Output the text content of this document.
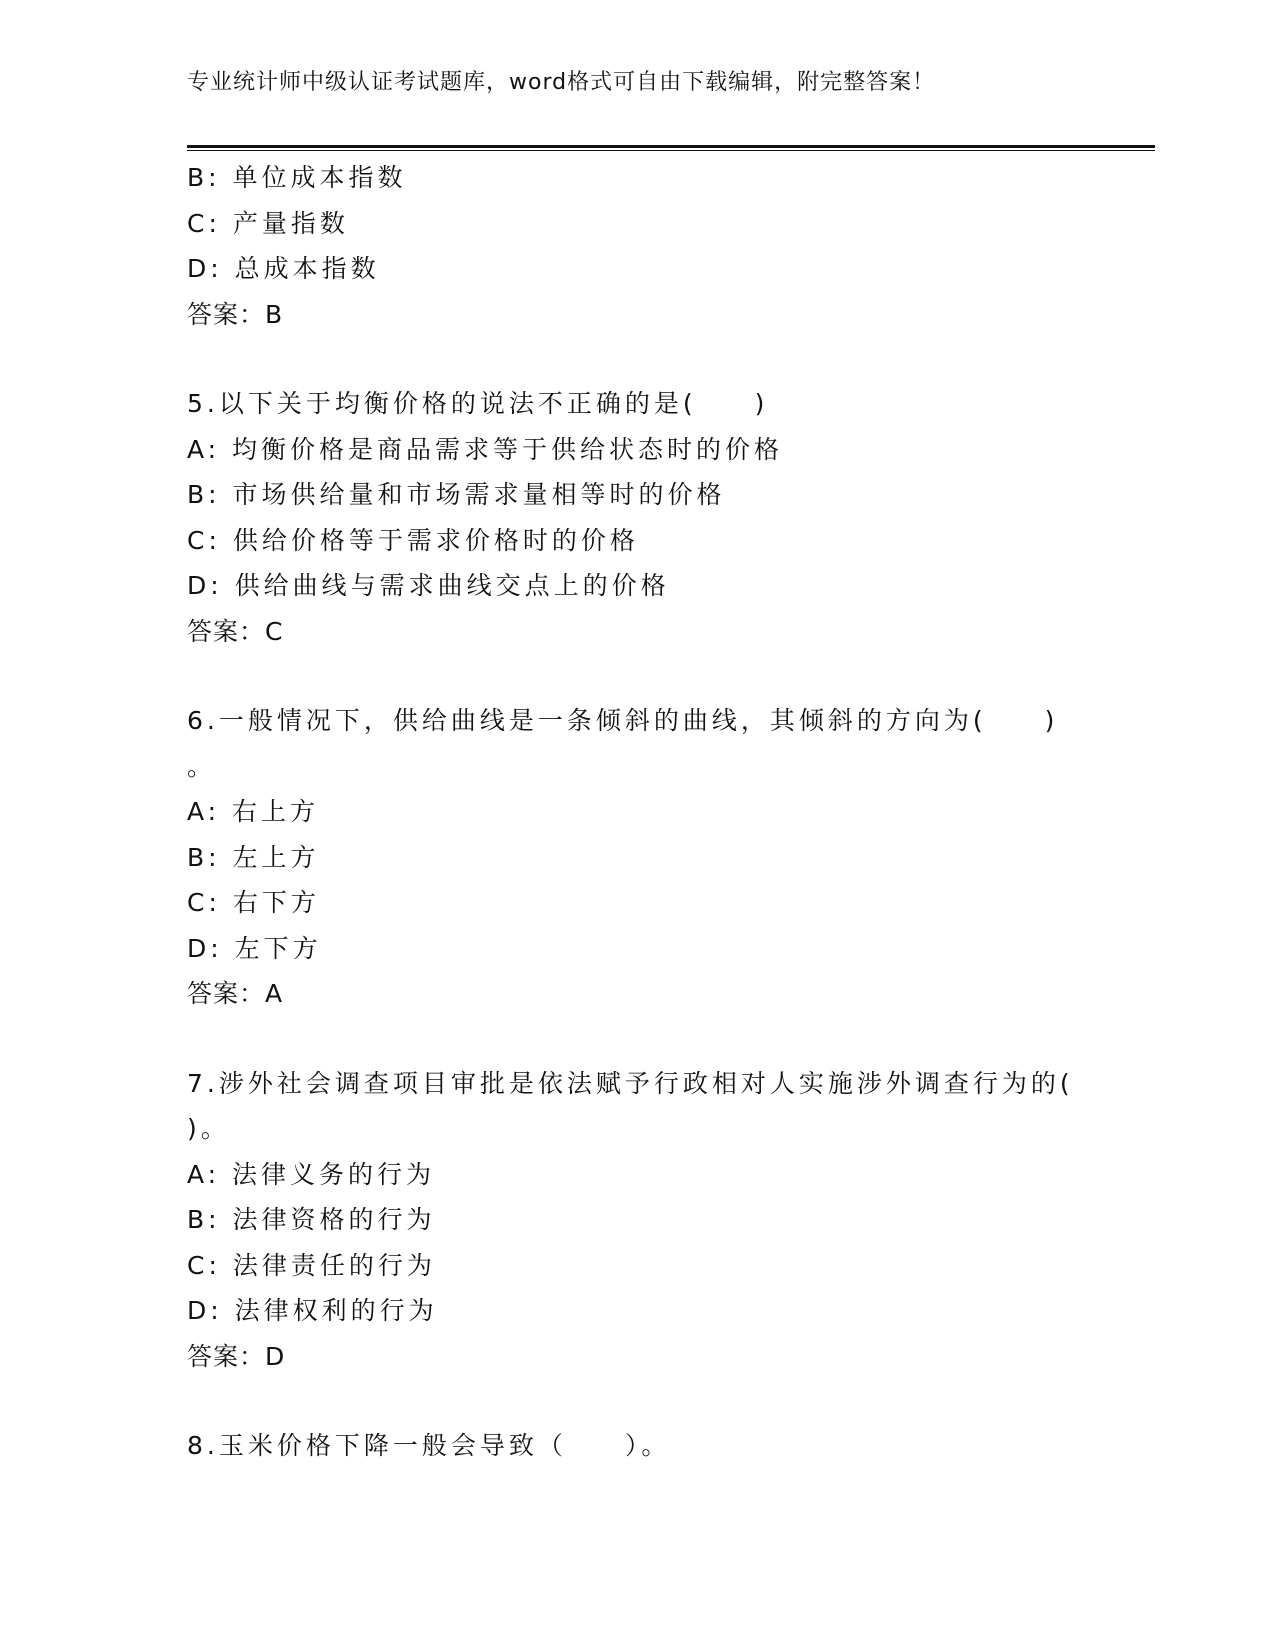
专业统计师中级认证考试题库，word格式可自由下载编辑，附完整答案！
B: 单位成本指数
C: 产量指数
D: 总成本指数
答案：B
5.以下关于均衡价格的说法不正确的是(　　)
A: 均衡价格是商品需求等于供给状态时的价格
B: 市场供给量和市场需求量相等时的价格
C: 供给价格等于需求价格时的价格
D: 供给曲线与需求曲线交点上的价格
答案：C
6.一般情况下，供给曲线是一条倾斜的曲线，其倾斜的方向为(　　)
。
A: 右上方
B: 左上方
C: 右下方
D: 左下方
答案：A
7.涉外社会调查项目审批是依法赋予行政相对人实施涉外调查行为的(
)。
A: 法律义务的行为
B: 法律资格的行为
C: 法律责任的行为
D: 法律权利的行为
答案：D
8.玉米价格下降一般会导致（　　）。
